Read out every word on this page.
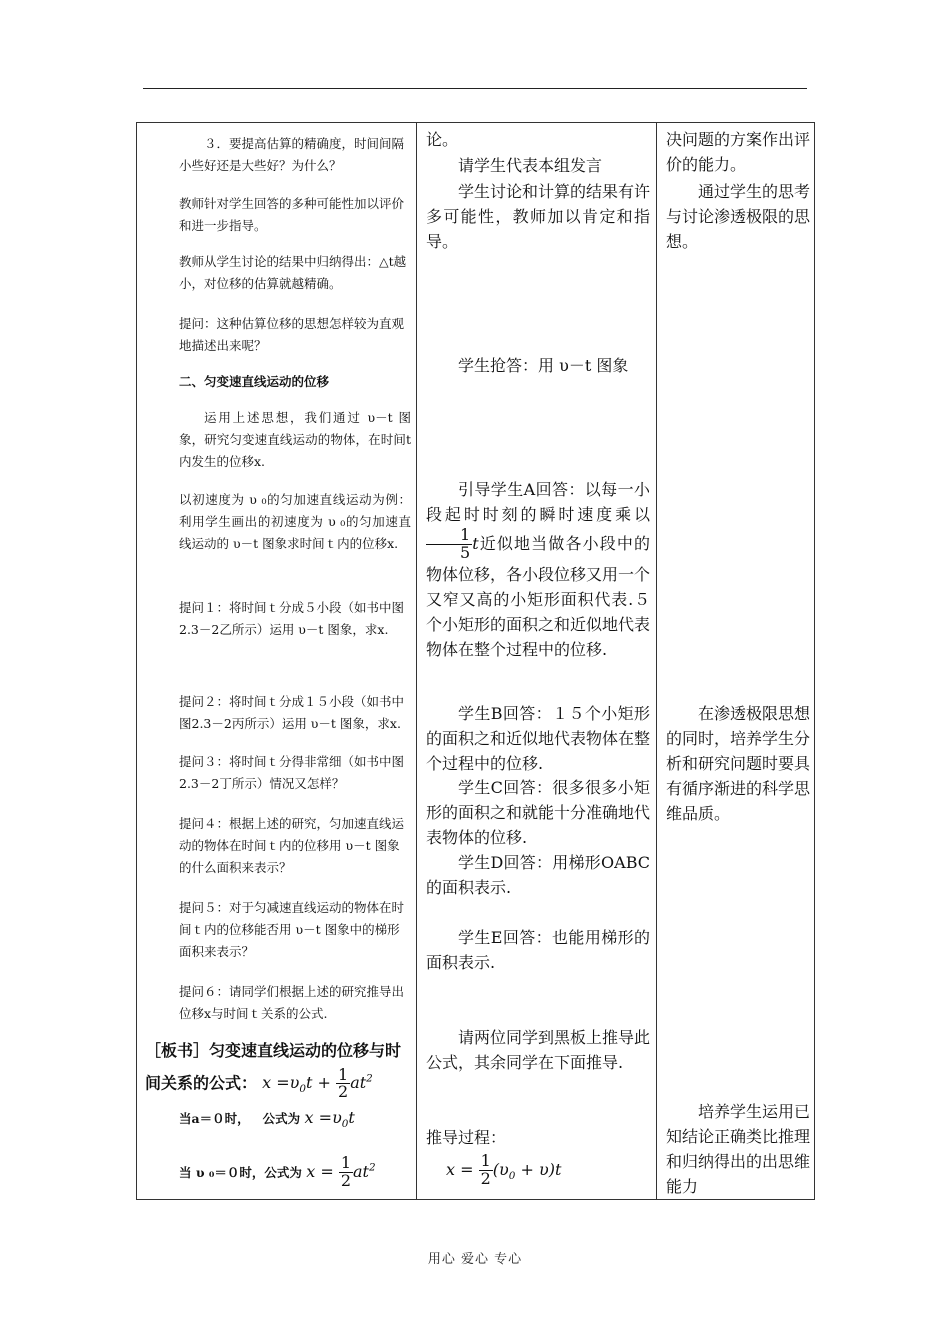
３．要提高估算的精确度，时间间隔小些好还是大些好？为什么？
教师针对学生回答的多种可能性加以评价和进一步指导。
教师从学生讨论的结果中归纳得出：△t越小，对位移的估算就越精确。
提问：这种估算位移的思想怎样较为直观地描述出来呢？
二、匀变速直线运动的位移
运用上述思想，我们通过 υ－t 图象，研究匀变速直线运动的物体，在时间t内发生的位移x.
以初速度为 υ ₀的匀加速直线运动为例：利用学生画出的初速度为 υ ₀的匀加速直线运动的 υ－t 图象求时间ｔ内的位移x.
提问１：将时间ｔ分成５小段（如书中图2.3－2乙所示）运用 υ－t 图象，求x.
提问２：将时间ｔ分成１５小段（如书中图2.3－2丙所示）运用 υ－t 图象，求x.
提问３：将时间ｔ分得非常细（如书中图2.3－2丁所示）情况又怎样？
提问４：根据上述的研究，匀加速直线运动的物体在时间ｔ内的位移用 υ－t 图象的什么面积来表示？
提问５：对于匀减速直线运动的物体在时间ｔ内的位移能否用 υ－t 图象中的梯形面积来表示？
提问６：请同学们根据上述的研究推导出位移x与时间ｔ关系的公式.
［板书］匀变速直线运动的位移与时间关系的公式： $x =\upsilon_0t + \frac{1}{2} at^2$
当a＝０时， 公式为 $x =\upsilon_0t$
当 υ ₀＝０时，公式为 $x = \frac{1}{2} at^2$
论。
请学生代表本组发言
学生讨论和计算的结果有许多可能性，教师加以肯定和指导。
学生抢答：用 υ－t 图象
引导学生A回答：以每一小段起时时刻的瞬时速度乘以
$\frac{1}{5}$ t近似地当做各小段中的物体位移，各小段位移又用一个又窄又高的小矩形面积代表.５个小矩形的面积之和近似地代表物体在整个过程中的位移.
学生B回答：１５个小矩形的面积之和近似地代表物体在整个过程中的位移.
学生C回答：很多很多小矩形的面积之和就能十分准确地代表物体的位移.
学生D回答：用梯形OABC的面积表示.
学生E回答：也能用梯形的面积表示.
请两位同学到黑板上推导此公式，其余同学在下面推导.
推导过程：
$x = \frac{1}{2} (\upsilon_0 + \upsilon)t$
决问题的方案作出评价的能力。
通过学生的思考与讨论渗透极限的思想。
在渗透极限思想的同时，培养学生分析和研究问题时要具有循序渐进的科学思维品质。
培养学生运用已知结论正确类比推理和归纳得出的出思维能力
用心 爱心 专心
